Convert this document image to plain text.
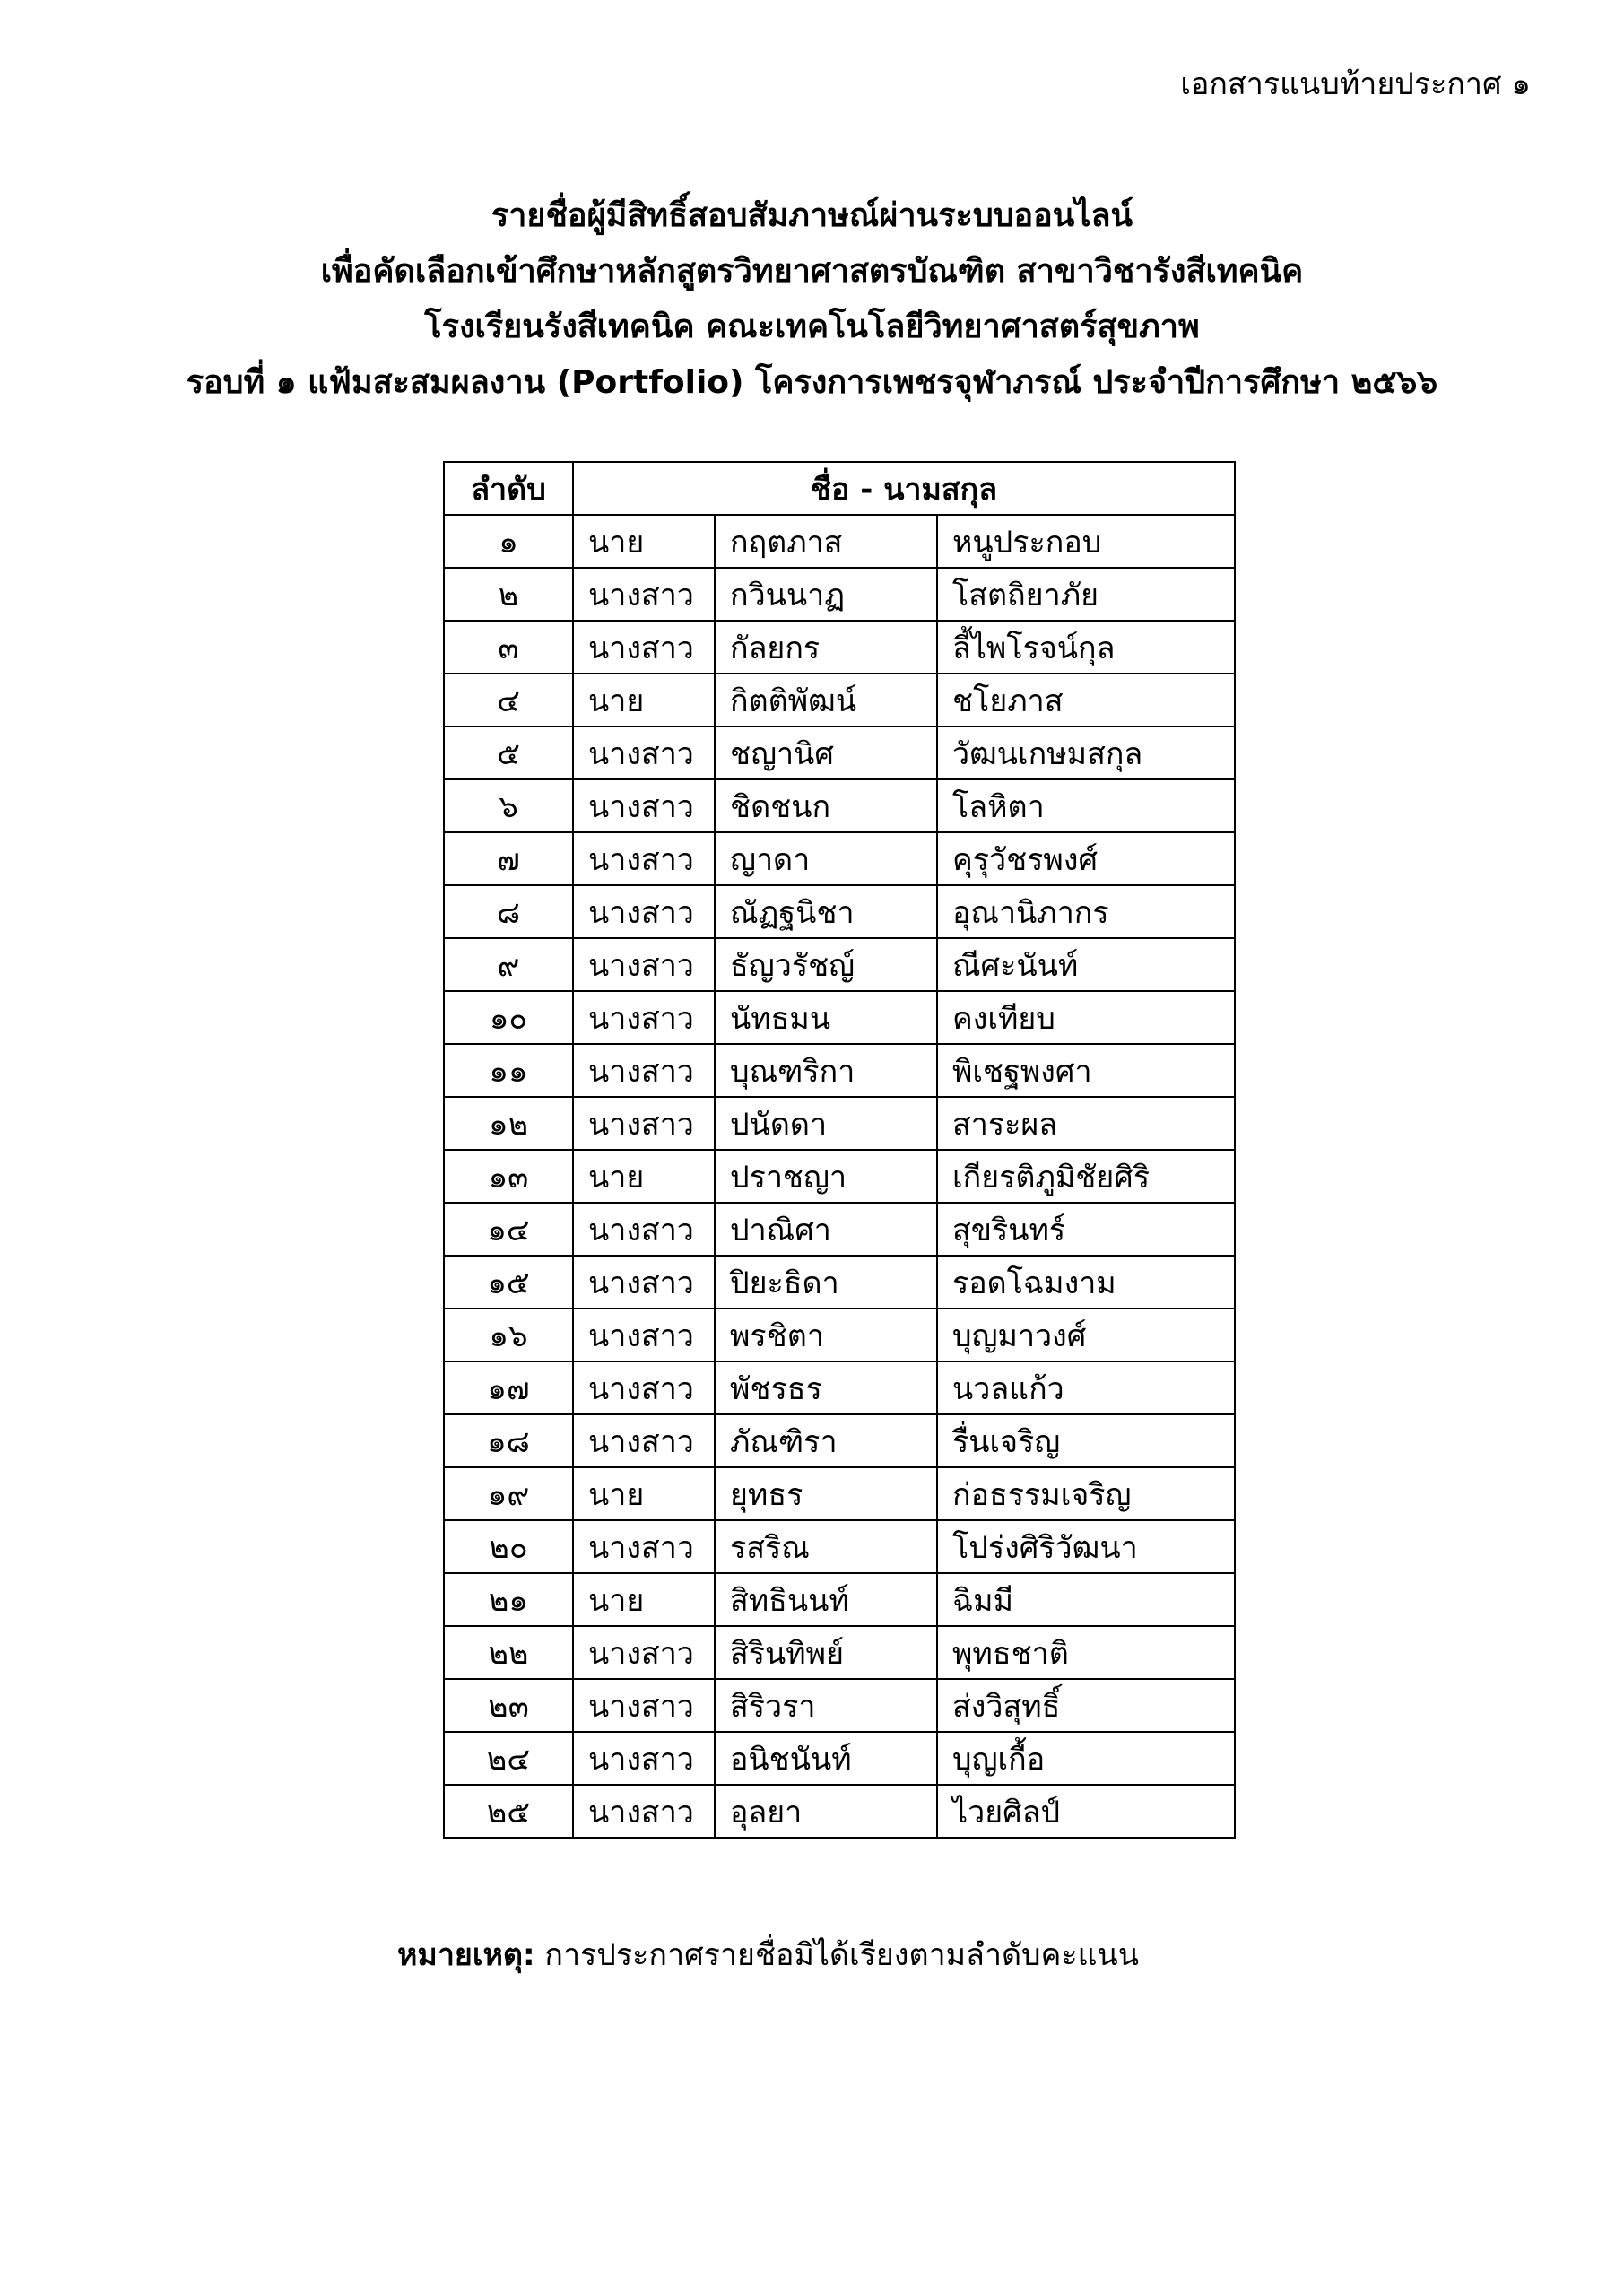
เอกสารแนบท้ายประกาศ ๑
รายชื่อผู้มีสิทธิ์สอบสัมภาษณ์ผ่านระบบออนไลน์
เพื่อคัดเลือกเข้าศึกษาหลักสูตรวิทยาศาสตรบัณฑิต สาขาวิชารังสีเทคนิค
โรงเรียนรังสีเทคนิค คณะเทคโนโลยีวิทยาศาสตร์สุขภาพ
รอบที่ ๑ แฟ้มสะสมผลงาน (Portfolio) โครงการเพชรจุฬาภรณ์ ประจำปีการศึกษา ๒๕๖๖
ลำดับ	ชื่อ - นามสกุล		
๑	นาย	กฤตภาส	หนูประกอบ
๒	นางสาว	กวินนาฏ	โสตถิยาภัย
๓	นางสาว	กัลยกร	ลี้ไพโรจน์กุล
๔	นาย	กิตติพัฒน์	ชโยภาส
๕	นางสาว	ชญานิศ	วัฒนเกษมสกุล
๖	นางสาว	ชิดชนก	โลหิตา
๗	นางสาว	ญาดา	คุรุวัชรพงศ์
๘	นางสาว	ณัฏฐนิชา	อุณานิภากร
๙	นางสาว	ธัญวรัชญ์	ณีศะนันท์
๑๐	นางสาว	นัทธมน	คงเทียบ
๑๑	นางสาว	บุณฑริกา	พิเชฐพงศา
๑๒	นางสาว	ปนัดดา	สาระผล
๑๓	นาย	ปราชญา	เกียรติภูมิชัยศิริ
๑๔	นางสาว	ปาณิศา	สุขรินทร์
๑๕	นางสาว	ปิยะธิดา	รอดโฉมงาม
๑๖	นางสาว	พรชิตา	บุญมาวงศ์
๑๗	นางสาว	พัชรธร	นวลแก้ว
๑๘	นางสาว	ภัณฑิรา	รื่นเจริญ
๑๙	นาย	ยุทธร	ก่อธรรมเจริญ
๒๐	นางสาว	รสริณ	โปร่งศิริวัฒนา
๒๑	นาย	สิทธินนท์	ฉิมมี
๒๒	นางสาว	สิรินทิพย์	พุทธชาติ
๒๓	นางสาว	สิริวรา	ส่งวิสุทธิ์
๒๔	นางสาว	อนิชนันท์	บุญเกื้อ
๒๕	นางสาว	อุลยา	ไวยศิลป์
หมายเหตุ: การประกาศรายชื่อมิได้เรียงตามลำดับคะแนน
